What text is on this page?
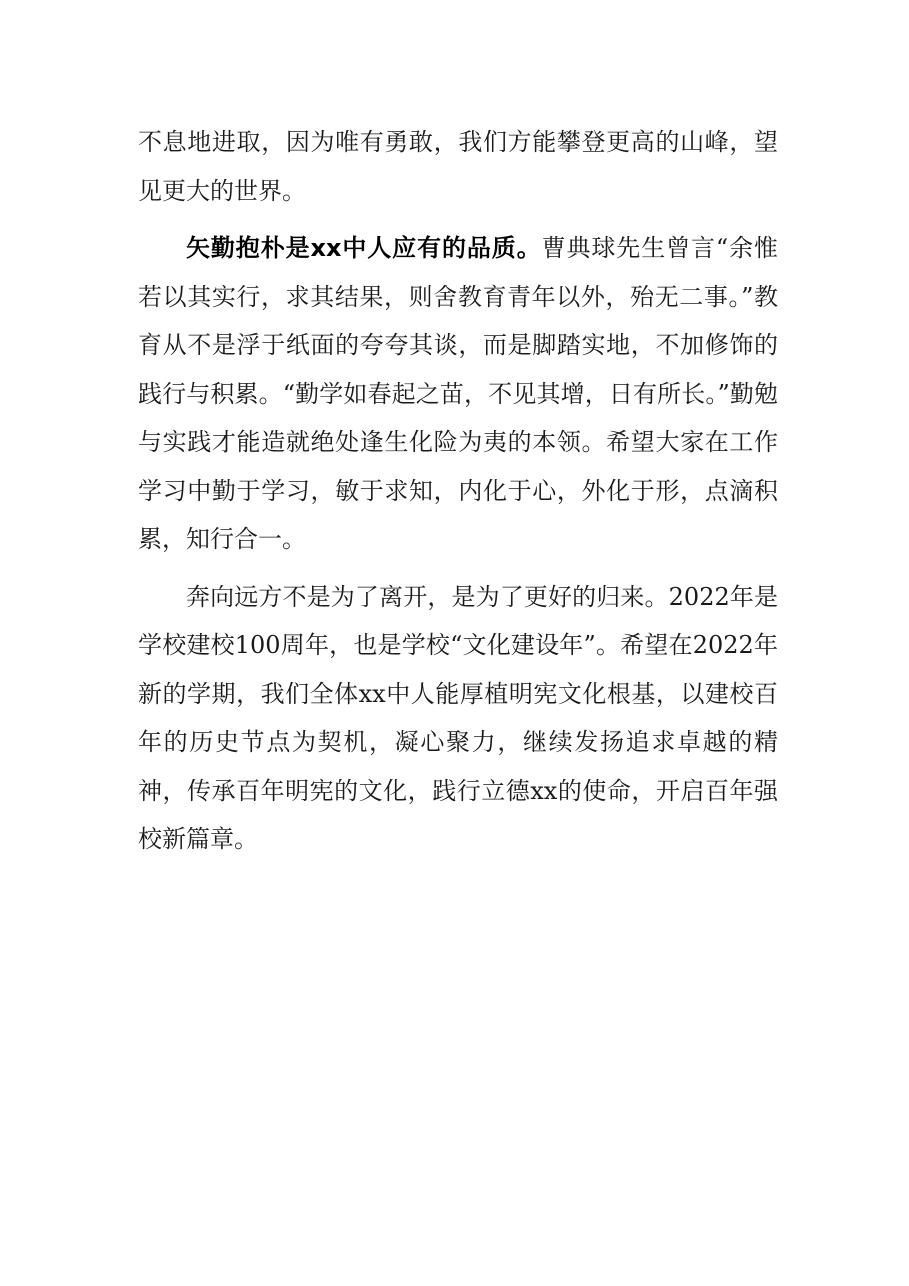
不息地进取，因为唯有勇敢，我们方能攀登更高的山峰，望见更大的世界。

矢勤抱朴是xx中人应有的品质。曹典球先生曾言“余惟若以其实行，求其结果，则舍教育青年以外，殆无二事。”教育从不是浮于纸面的夸夸其谈，而是脚踏实地，不加修饰的践行与积累。“勤学如春起之苗，不见其增，日有所长。”勤勉与实践才能造就绝处逢生化险为夷的本领。希望大家在工作学习中勤于学习，敏于求知，内化于心，外化于形，点滴积累，知行合一。

奔向远方不是为了离开，是为了更好的归来。2022年是学校建校100周年，也是学校“文化建设年”。希望在2022年新的学期，我们全体xx中人能厚植明宪文化根基，以建校百年的历史节点为契机，凝心聚力，继续发扬追求卓越的精神，传承百年明宪的文化，践行立德xx的使命，开启百年强校新篇章。
